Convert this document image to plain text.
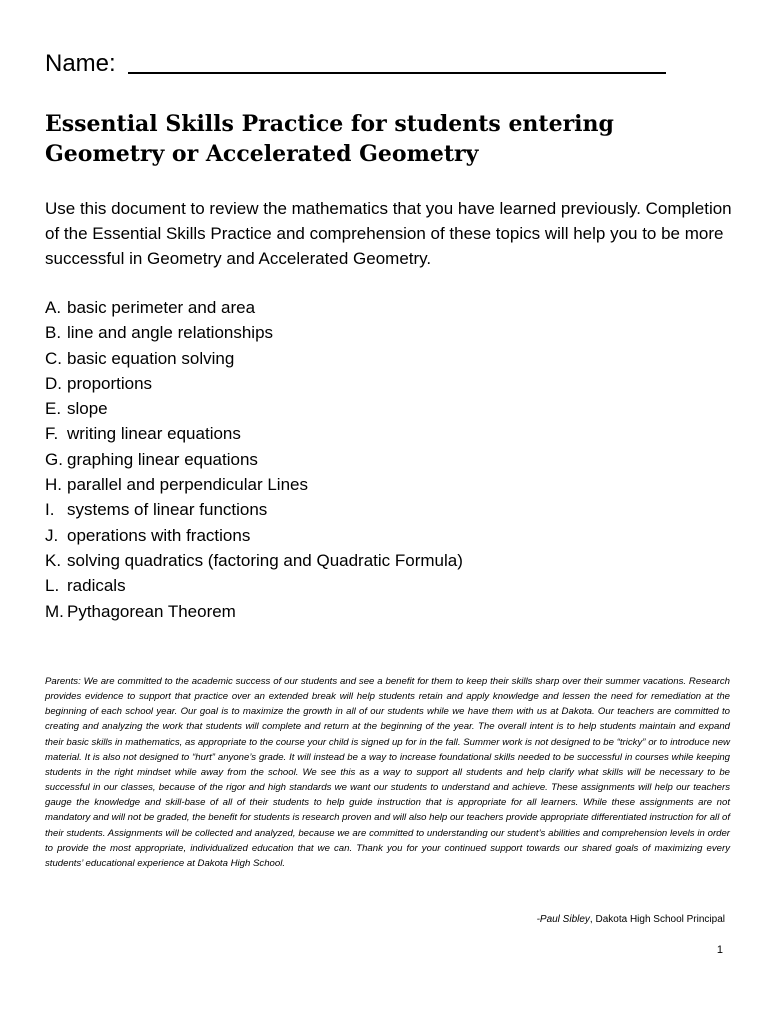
Name:
Essential Skills Practice for students entering Geometry or Accelerated Geometry
Use this document to review the mathematics that you have learned previously. Completion of the Essential Skills Practice and comprehension of these topics will help you to be more successful in Geometry and Accelerated Geometry.
A. basic perimeter and area
B. line and angle relationships
C. basic equation solving
D. proportions
E. slope
F. writing linear equations
G. graphing linear equations
H. parallel and perpendicular Lines
I. systems of linear functions
J. operations with fractions
K. solving quadratics (factoring and Quadratic Formula)
L. radicals
M. Pythagorean Theorem
Parents: We are committed to the academic success of our students and see a benefit for them to keep their skills sharp over their summer vacations. Research provides evidence to support that practice over an extended break will help students retain and apply knowledge and lessen the need for remediation at the beginning of each school year. Our goal is to maximize the growth in all of our students while we have them with us at Dakota. Our teachers are committed to creating and analyzing the work that students will complete and return at the beginning of the year. The overall intent is to help students maintain and expand their basic skills in mathematics, as appropriate to the course your child is signed up for in the fall. Summer work is not designed to be “tricky” or to introduce new material. It is also not designed to “hurt” anyone’s grade. It will instead be a way to increase foundational skills needed to be successful in courses while keeping students in the right mindset while away from the school. We see this as a way to support all students and help clarify what skills will be necessary to be successful in our classes, because of the rigor and high standards we want our students to understand and achieve. These assignments will help our teachers gauge the knowledge and skill-base of all of their students to help guide instruction that is appropriate for all learners. While these assignments are not mandatory and will not be graded, the benefit for students is research proven and will also help our teachers provide appropriate differentiated instruction for all of their students. Assignments will be collected and analyzed, because we are committed to understanding our student’s abilities and comprehension levels in order to provide the most appropriate, individualized education that we can. Thank you for your continued support towards our shared goals of maximizing every students’ educational experience at Dakota High School.
-Paul Sibley, Dakota High School Principal
1
